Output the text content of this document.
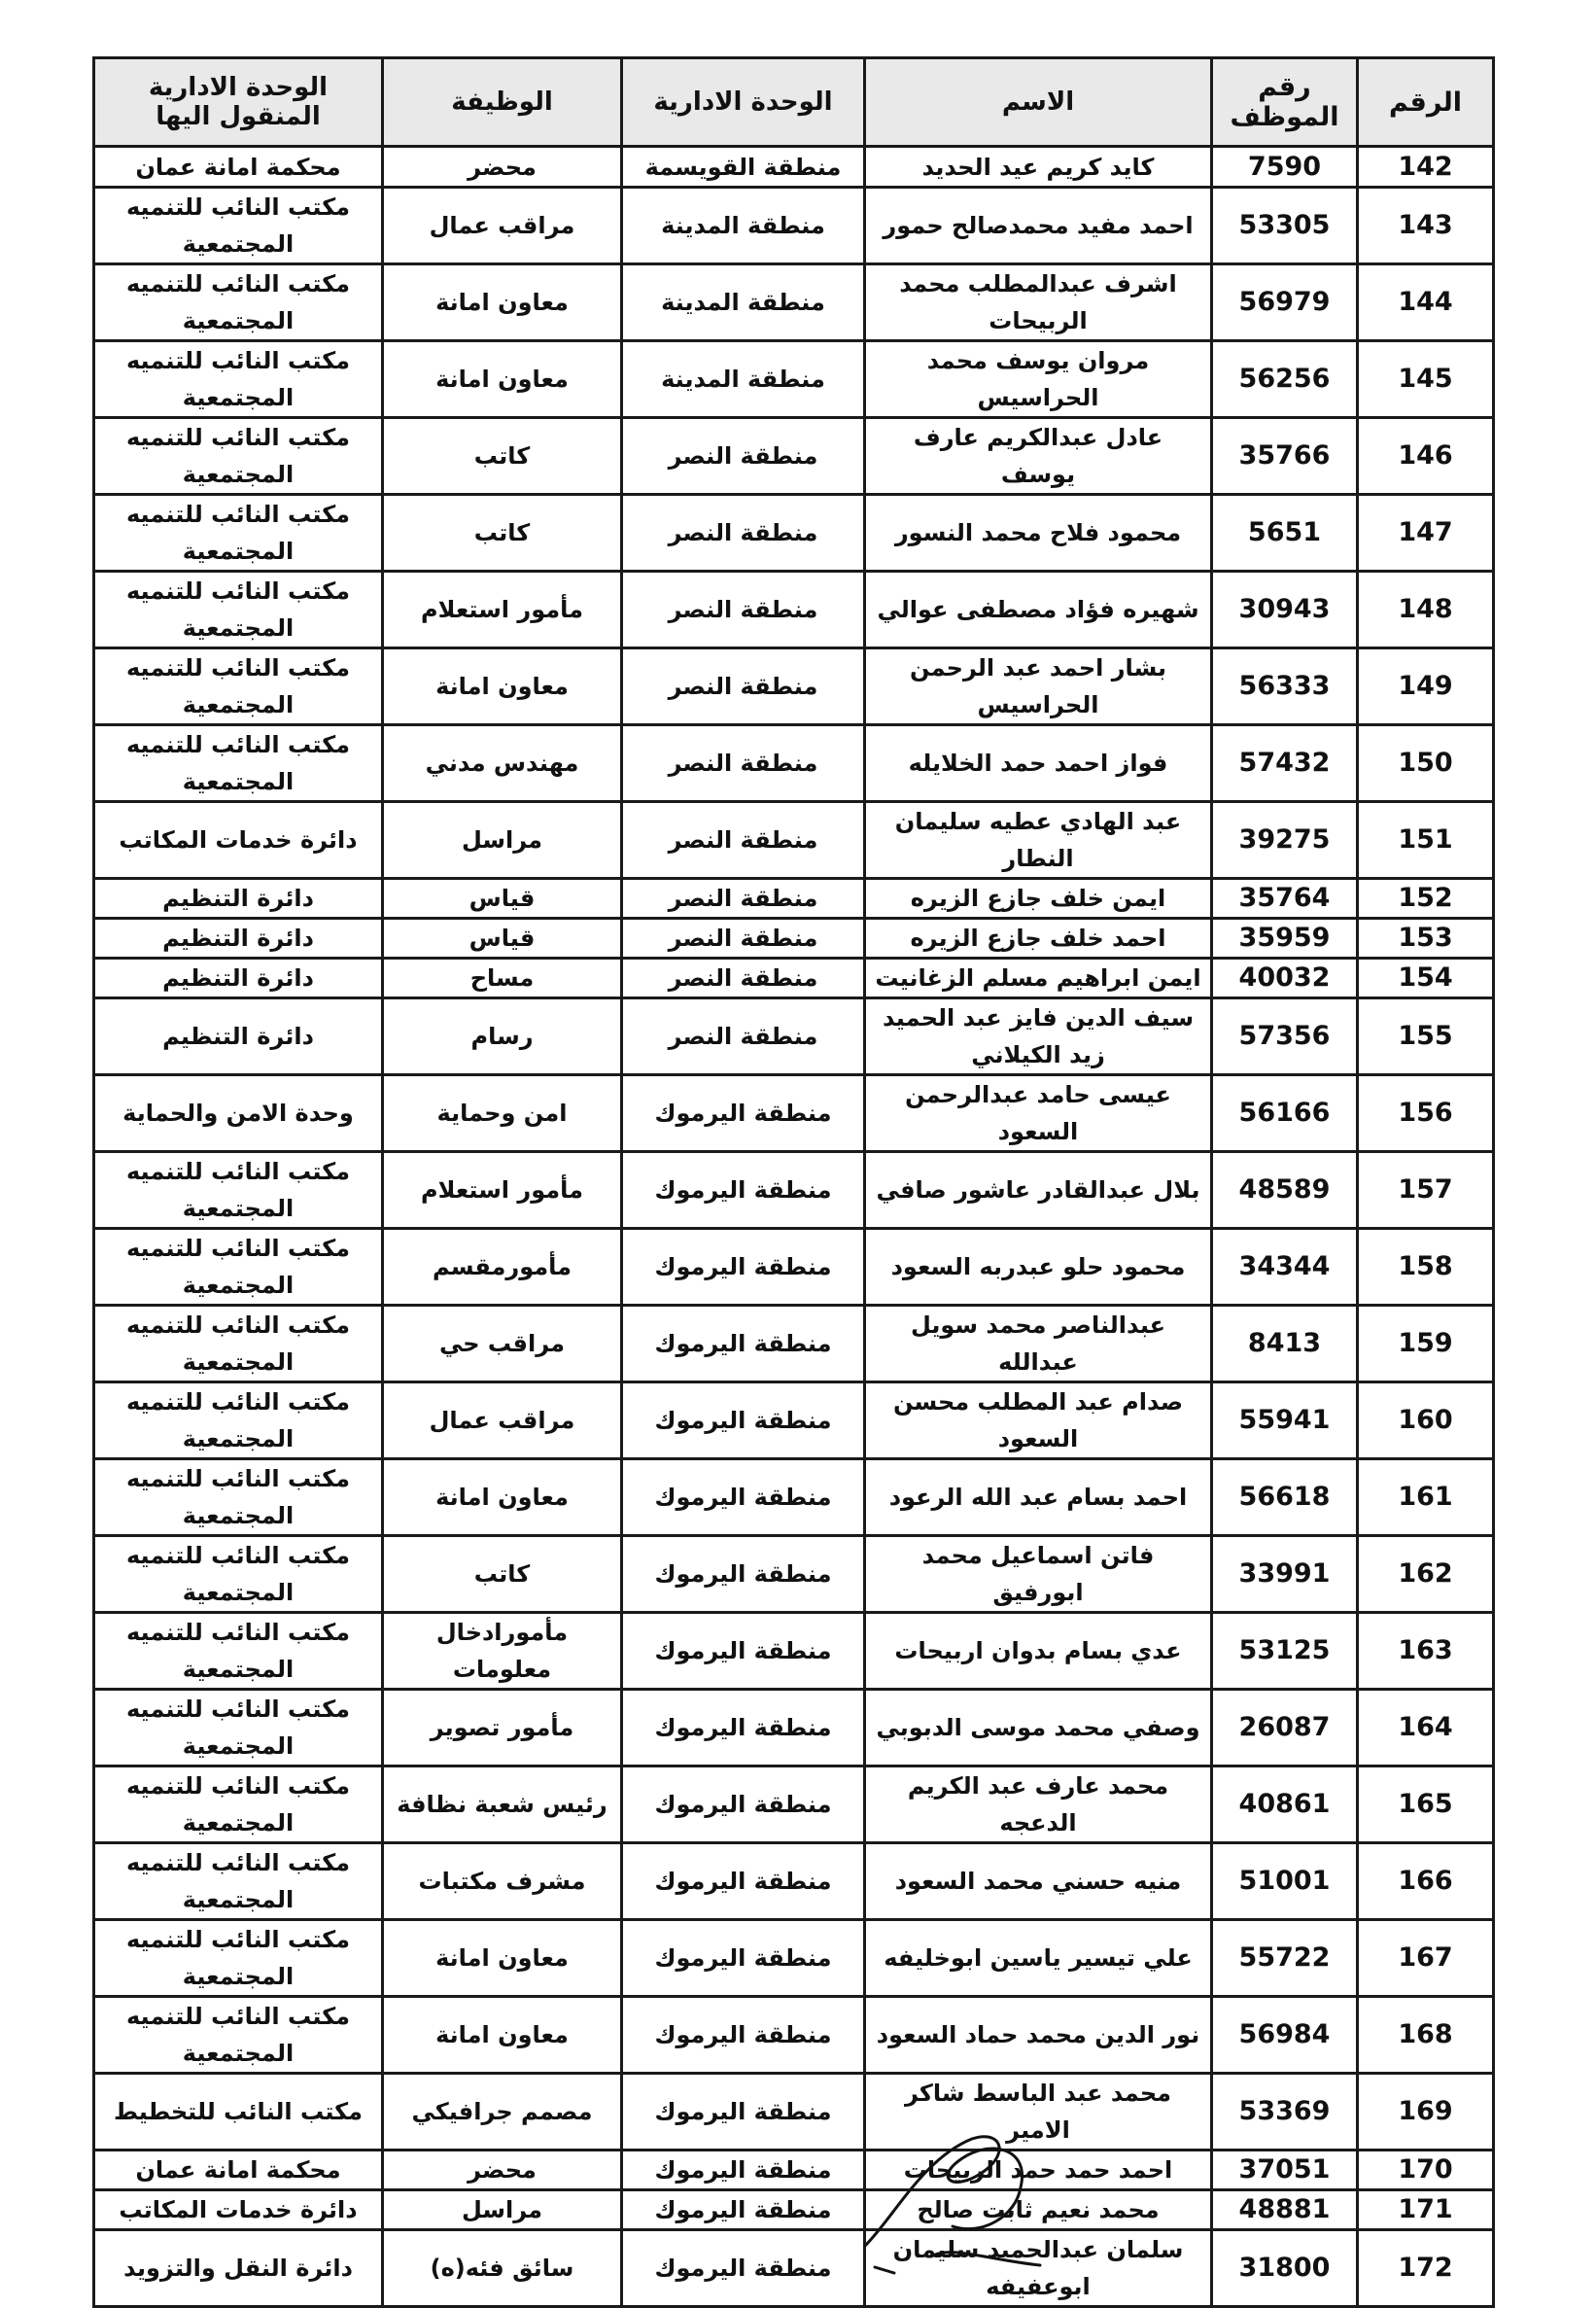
الرقم	رقم الموظف	الاسم	الوحدة الادارية	الوظيفة	الوحدة الادارية المنقول اليها
142	7590	كايد كريم عيد الحديد	منطقة القويسمة	محضر	محكمة امانة عمان
143	53305	احمد مفيد محمدصالح حمور	منطقة المدينة	مراقب عمال	مكتب النائب للتنميه المجتمعية
144	56979	اشرف عبدالمطلب محمد الربيحات	منطقة المدينة	معاون امانة	مكتب النائب للتنميه المجتمعية
145	56256	مروان يوسف محمد الحراسيس	منطقة المدينة	معاون امانة	مكتب النائب للتنميه المجتمعية
146	35766	عادل عبدالكريم عارف يوسف	منطقة النصر	كاتب	مكتب النائب للتنميه المجتمعية
147	5651	محمود فلاح محمد النسور	منطقة النصر	كاتب	مكتب النائب للتنميه المجتمعية
148	30943	شهيره فؤاد مصطفى عوالي	منطقة النصر	مأمور استعلام	مكتب النائب للتنميه المجتمعية
149	56333	بشار احمد عبد الرحمن الحراسيس	منطقة النصر	معاون امانة	مكتب النائب للتنميه المجتمعية
150	57432	فواز احمد حمد الخلايله	منطقة النصر	مهندس مدني	مكتب النائب للتنميه المجتمعية
151	39275	عبد الهادي عطيه سليمان النطار	منطقة النصر	مراسل	دائرة خدمات المكاتب
152	35764	ايمن خلف جازع الزيره	منطقة النصر	قياس	دائرة التنظيم
153	35959	احمد خلف جازع الزيره	منطقة النصر	قياس	دائرة التنظيم
154	40032	ايمن ابراهيم مسلم الزغانيت	منطقة النصر	مساح	دائرة التنظيم
155	57356	سيف الدين فايز عبد الحميد زيد الكيلاني	منطقة النصر	رسام	دائرة التنظيم
156	56166	عيسى حامد عبدالرحمن السعود	منطقة اليرموك	امن وحماية	وحدة الامن والحماية
157	48589	بلال عبدالقادر عاشور صافي	منطقة اليرموك	مأمور استعلام	مكتب النائب للتنميه المجتمعية
158	34344	محمود حلو عبدربه السعود	منطقة اليرموك	مأمورمقسم	مكتب النائب للتنميه المجتمعية
159	8413	عبدالناصر محمد سويل عبدالله	منطقة اليرموك	مراقب حي	مكتب النائب للتنميه المجتمعية
160	55941	صدام عبد المطلب محسن السعود	منطقة اليرموك	مراقب عمال	مكتب النائب للتنميه المجتمعية
161	56618	احمد بسام عبد الله الرعود	منطقة اليرموك	معاون امانة	مكتب النائب للتنميه المجتمعية
162	33991	فاتن اسماعيل محمد ابورفيق	منطقة اليرموك	كاتب	مكتب النائب للتنميه المجتمعية
163	53125	عدي بسام بدوان اربيحات	منطقة اليرموك	مأمورادخال معلومات	مكتب النائب للتنميه المجتمعية
164	26087	وصفي محمد موسى الدبوبي	منطقة اليرموك	مأمور تصوير	مكتب النائب للتنميه المجتمعية
165	40861	محمد عارف عبد الكريم الدعجه	منطقة اليرموك	رئيس شعبة نظافة	مكتب النائب للتنميه المجتمعية
166	51001	منيه حسني محمد السعود	منطقة اليرموك	مشرف مكتبات	مكتب النائب للتنميه المجتمعية
167	55722	علي تيسير ياسين ابوخليفه	منطقة اليرموك	معاون امانة	مكتب النائب للتنميه المجتمعية
168	56984	نور الدين محمد حماد السعود	منطقة اليرموك	معاون امانة	مكتب النائب للتنميه المجتمعية
169	53369	محمد عبد الباسط شاكر الامير	منطقة اليرموك	مصمم جرافيكي	مكتب النائب للتخطيط
170	37051	احمد حمد حمد الربيحات	منطقة اليرموك	محضر	محكمة امانة عمان
171	48881	محمد نعيم ثابت صالح	منطقة اليرموك	مراسل	دائرة خدمات المكاتب
172	31800	سلمان عبدالحميد سليمان ابوعفيفه	منطقة اليرموك	سائق فئه(ه)	دائرة النقل والتزويد
